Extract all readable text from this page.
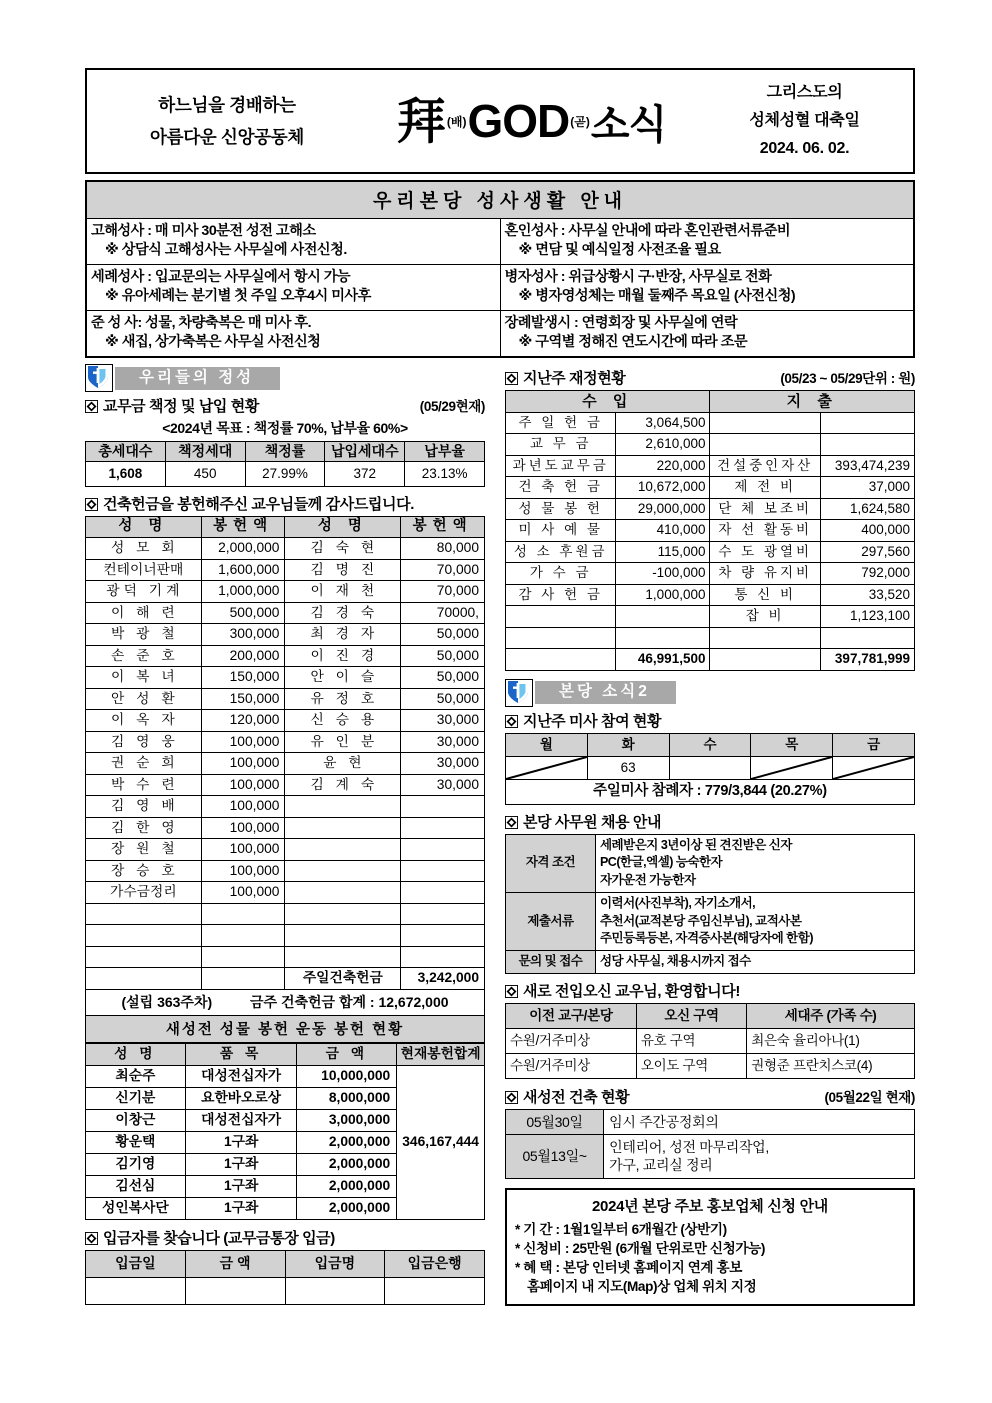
하느님을 경배하는
아름다운 신앙공동체	拜 (배) GOD (곧) 소식
그리스도의
성체성혈 대축일
2024. 06. 02.
우리본당 성사생활 안내
고해성사 : 매 미사 30분전 성전 고해소
※ 상담식 고해성사는 사무실에 사전신청.	혼인성사 : 사무실 안내에 따라 혼인관련서류준비
※ 면담 및 예식일정 사전조율 필요

세례성사 : 입교문의는 사무실에서 항시 가능
※ 유아세례는 분기별 첫 주일 오후4시 미사후	병자성사 : 위급상황시 구·반장, 사무실로 전화
※ 병자영성체는 매월 둘째주 목요일 (사전신청)

준 성 사: 성물, 차량축복은 매 미사 후.
※ 새집, 상가축복은 사무실 사전신청	장례발생시 : 연령회장 및 사무실에 연락
※ 구역별 정해진 연도시간에 따라 조문
우리들의 정성
교무금 책정 및 납입 현황	(05/29현재)
<2024년 목표 : 책정률 70%, 납부율 60%>
총세대수	책정세대	책정률	납입세대수	납부율
1,608	450	27.99%	372	23.13%
건축헌금을 봉헌해주신 교우님들께 감사드립니다.
성 명	봉헌액	성 명	봉헌액
성 모 회	2,000,000	김 숙 현	80,000
컨테이너판매	1,600,000	김 명 진	70,000
광덕 기계	1,000,000	이 재 천	70,000
이 해 련	500,000	김 경 숙	70000,
박 광 철	300,000	최 경 자	50,000
손 준 호	200,000	이 진 경	50,000
이 복 녀	150,000	안 이 슬	50,000
안 성 환	150,000	유 정 호	50,000
이 옥 자	120,000	신 승 용	30,000
김 영 웅	100,000	유 인 분	30,000
권 순 희	100,000	윤 현	30,000
박 수 련	100,000	김 계 숙	30,000
김 영 배	100,000		
김 한 영	100,000		
장 원 철	100,000		
장 승 호	100,000		
가수금정리	100,000		

		주일건축헌금	3,242,000
(설립 363주차)	금주 건축헌금 합계 : 12,672,000
새성전 성물 봉헌 운동 봉헌 현황
성 명	품 목	금 액	현재봉헌합계
최순주	대성전십자가	10,000,000	346,167,444
신기분	요한바오로상	8,000,000	
이창근	대성전십자가	3,000,000	
황운택	1구좌	2,000,000	
김기영	1구좌	2,000,000	
김선심	1구좌	2,000,000	
성인복사단	1구좌	2,000,000	
입금자를 찾습니다 (교무금통장 입금)
입금일	금 액	입금명	입금은행

지난주 재정현황	(05/23 ~ 05/29단위 : 원)
수 입		지 출	
주 일 헌 금	3,064,500		
교 무 금	2,610,000		
과년도교무금	220,000	건설중인자산	393,474,239
건 축 헌 금	10,672,000	제 전 비	37,000
성 물 봉 헌	29,000,000	단 체 보조비	1,624,580
미 사 예 물	410,000	자 선 활동비	400,000
성 소 후원금	115,000	수 도 광열비	297,560
가 수 금	-100,000	차 량 유지비	792,000
감 사 헌 금	1,000,000	통 신 비	33,520
		잡 비	1,123,100

	46,991,500		397,781,999
본당 소식2
지난주 미사 참여 현황
월	화	수	목	금

	63		

주일미사 참례자 : 779/3,844 (20.27%)				
본당 사무원 채용 안내
자격 조건	세례받은지 3년이상 된 견진받은 신자
PC(한글,엑셀) 능숙한자
자가운전 가능한자

제출서류	이력서(사진부착), 자기소개서,
추천서(교적본당 주임신부님), 교적사본
주민등록등본, 자격증사본(해당자에 한함)

문의 및 접수	성당 사무실, 채용시까지 접수
새로 전입오신 교우님, 환영합니다!
이전 교구/본당	오신 구역	세대주 (가족 수)
수원/거주미상	유호 구역	최은숙 율리아나(1)
수원/거주미상	오이도 구역	권형준 프란치스코(4)
새성전 건축 현황	(05월22일 현재)
05월30일	임시 주간공정회의

05월13일~	인테리어, 성전 마무리작업,
가구, 교리실 정리
2024년 본당 주보 홍보업체 신청 안내
* 기 간 : 1월1일부터 6개월간 (상반기)
* 신청비 : 25만원 (6개월 단위로만 신청가능)
* 혜 택 : 본당 인터넷 홈페이지 연계 홍보
홈페이지 내 지도(Map)상 업체 위치 지정
